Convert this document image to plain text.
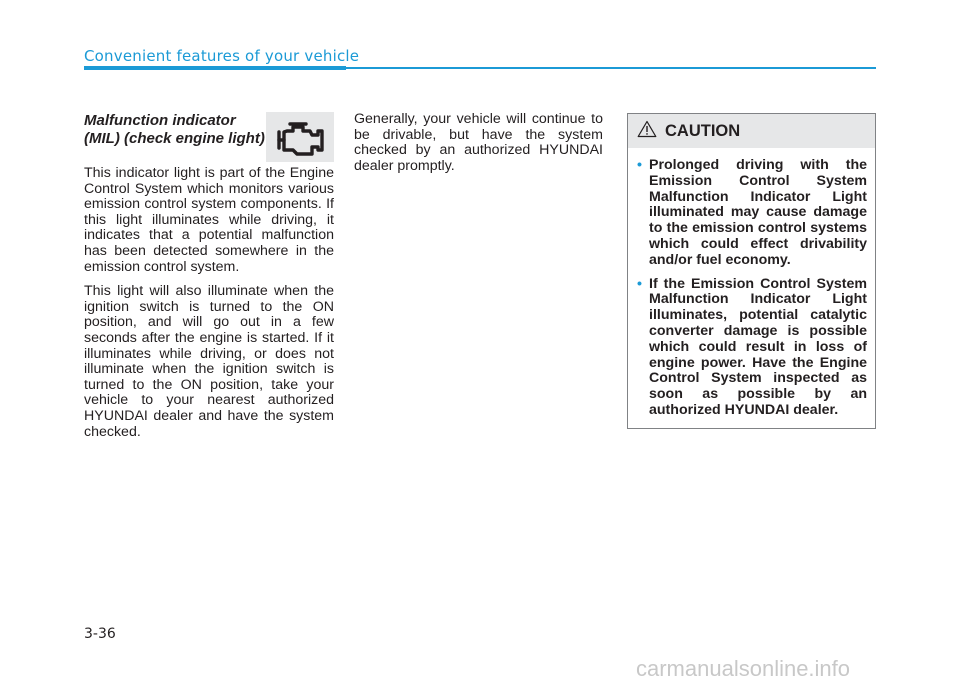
Convenient features of your vehicle
Malfunction indicator
(MIL) (check engine light)

This indicator light is part of the Engine Control System which monitors various emission control system components. If this light illuminates while driving, it indicates that a potential malfunction has been detected somewhere in the emission control system.

This light will also illuminate when the ignition switch is turned to the ON position, and will go out in a few seconds after the engine is started. If it illuminates while driving, or does not illuminate when the ignition switch is turned to the ON position, take your vehicle to your nearest authorized HYUNDAI dealer and have the system checked.

Generally, your vehicle will continue to be drivable, but have the system checked by an authorized HYUNDAI dealer promptly.

CAUTION
• Prolonged driving with the Emission Control System Malfunction Indicator Light illuminated may cause damage to the emission control systems which could effect drivability and/or fuel economy.
• If the Emission Control System Malfunction Indicator Light illuminates, potential catalytic converter damage is possible which could result in loss of engine power. Have the Engine Control System inspected as soon as possible by an authorized HYUNDAI dealer.
3-36
carmanualsonline.info
